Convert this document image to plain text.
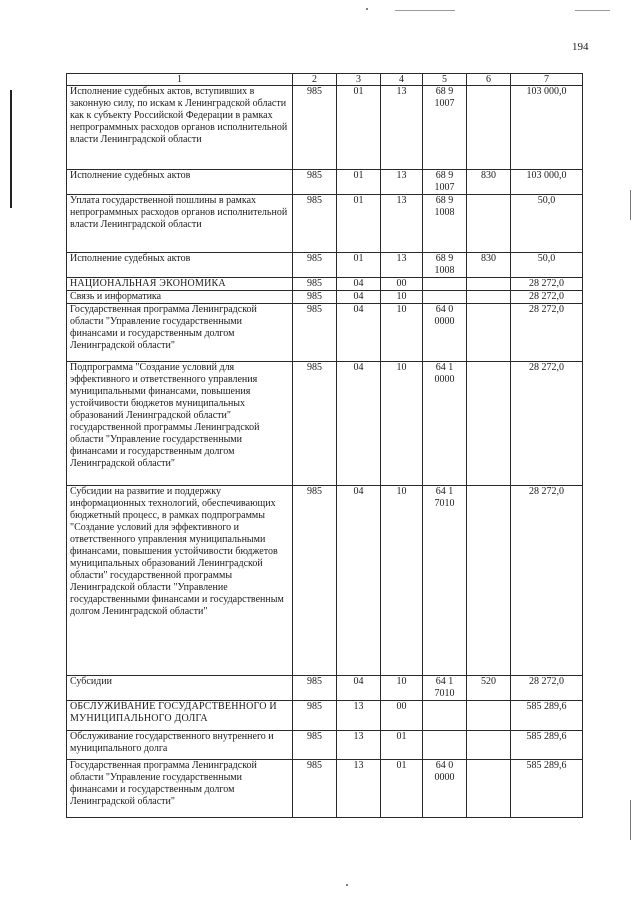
194
1	2	3	4	5	6	7
Исполнение судебных актов, вступивших в законную силу, по искам к Ленинградской области как к субъекту Российской Федерации в рамках непрограммных расходов органов исполнительной власти Ленинградской области	985	01	13	68 9 1007		103 000,0
Исполнение судебных актов	985	01	13	68 9 1007	830	103 000,0
Уплата государственной пошлины в рамках непрограммных расходов органов исполнительной власти Ленинградской области	985	01	13	68 9 1008		50,0
Исполнение судебных актов	985	01	13	68 9 1008	830	50,0
НАЦИОНАЛЬНАЯ ЭКОНОМИКА	985	04	00			28 272,0
Связь и информатика	985	04	10			28 272,0
Государственная программа Ленинградской области "Управление государственными финансами и государственным долгом Ленинградской области"	985	04	10	64 0 0000		28 272,0
Подпрограмма "Создание условий для эффективного и ответственного управления муниципальными финансами, повышения устойчивости бюджетов муниципальных образований Ленинградской области" государственной программы Ленинградской области "Управление государственными финансами и государственным долгом Ленинградской области"	985	04	10	64 1 0000		28 272,0
Субсидии на развитие и поддержку информационных технологий, обеспечивающих бюджетный процесс, в рамках подпрограммы "Создание условий для эффективного и ответственного управления муниципальными финансами, повышения устойчивости бюджетов муниципальных образований Ленинградской области" государственной программы Ленинградской области "Управление государственными финансами и государственным долгом Ленинградской области"	985	04	10	64 1 7010		28 272,0
Субсидии	985	04	10	64 1 7010	520	28 272,0
ОБСЛУЖИВАНИЕ ГОСУДАРСТВЕННОГО И МУНИЦИПАЛЬНОГО ДОЛГА	985	13	00			585 289,6
Обслуживание государственного внутреннего и муниципального долга	985	13	01			585 289,6
Государственная программа Ленинградской области "Управление государственными финансами и государственным долгом Ленинградской области"	985	13	01	64 0 0000		585 289,6
